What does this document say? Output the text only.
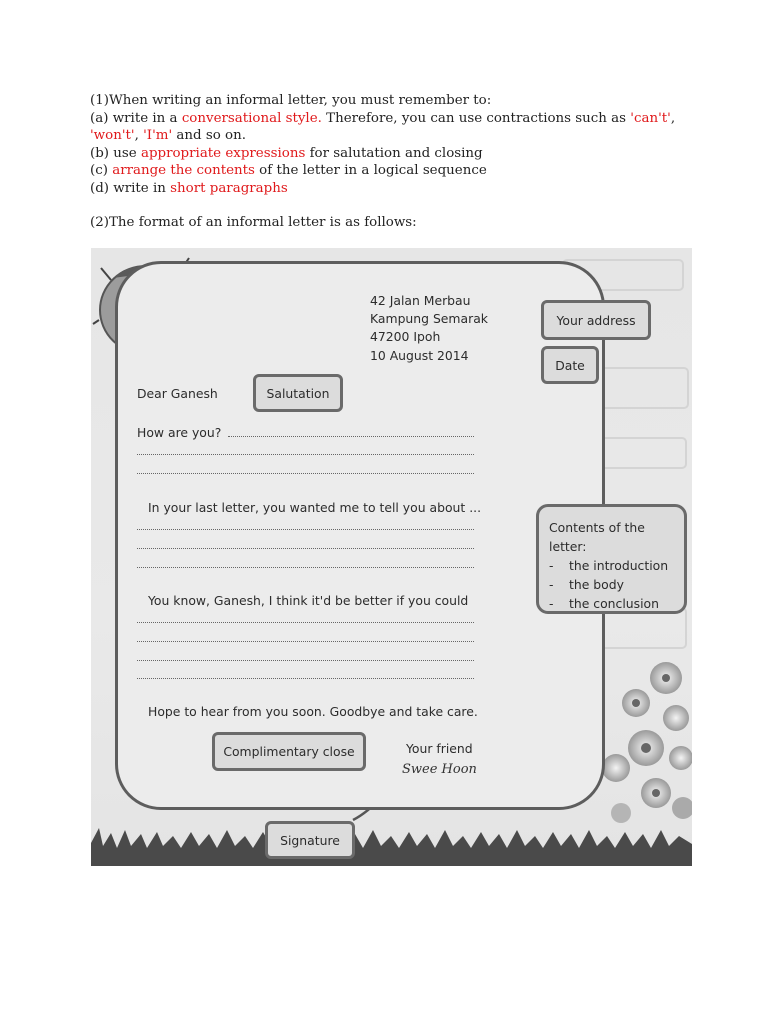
(1)When writing an informal letter, you must remember to:

(a) write in a conversational style. Therefore, you can use contractions such as 'can't',

'won't', 'I'm' and so on.

(b) use appropriate expressions for salutation and closing

(c) arrange the contents of the letter in a logical sequence

(d) write in short paragraphs

(2)The format of an informal letter is as follows:
42 Jalan Merbau
Kampung Semarak
47200 Ipoh
10 August 2014
Dear Ganesh
How are you?
In your last letter, you wanted me to tell you about ...
You know, Ganesh, I think it'd be better if you could
Hope to hear from you soon. Goodbye and take care.
Your friend
Swee Hoon
Your address
Date
Salutation
Contents of the
letter:
- the introduction
- the body
- the conclusion
Complimentary close
Signature
